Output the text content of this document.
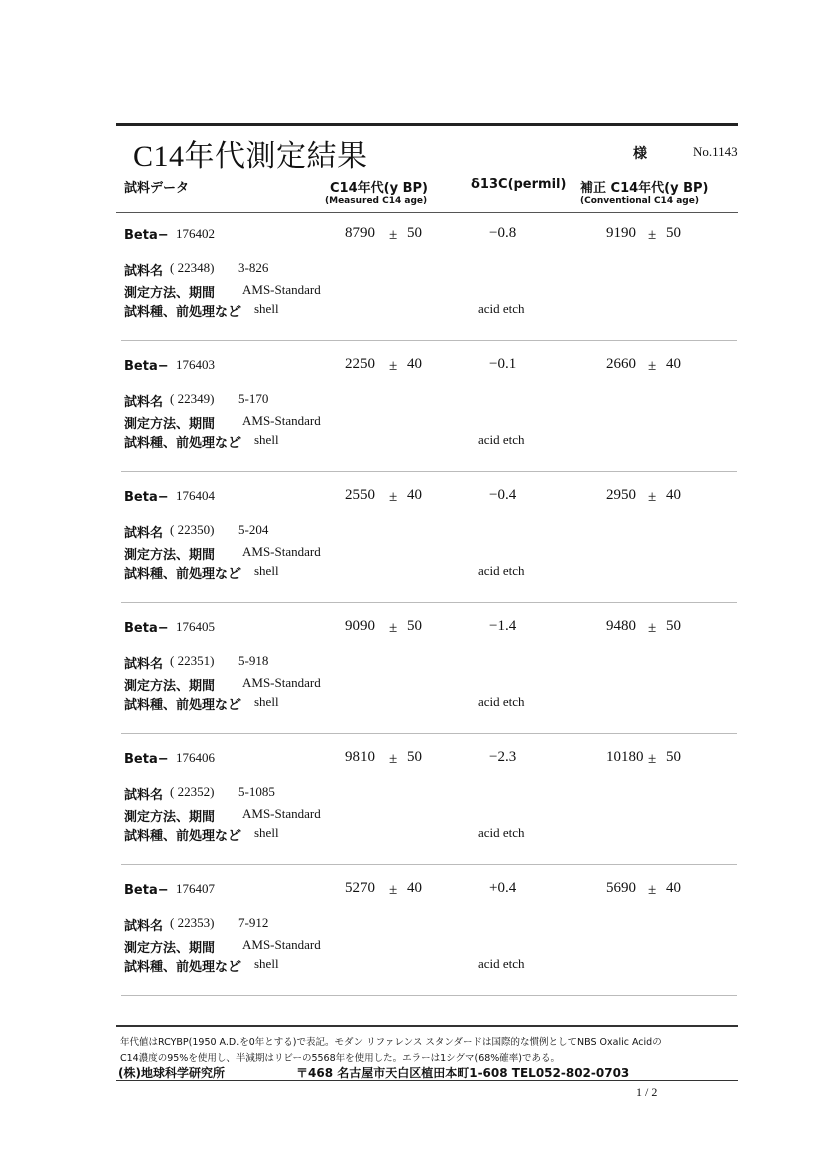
C14年代測定結果	様	No.1143
試料データ	C14年代(y BP)
(Measured C14 age)
δ13C(permil) 補正 C14年代(y BP)
(Conventional C14 age)
Beta− 176402	8790 ± 50	−0.8	9190 ± 50
試料名 ( 22348) 3-826
測定方法、期間 AMS-Standard
試料種、前処理など shell	acid etch
Beta− 176403	2250 ± 40	−0.1	2660 ± 40
試料名 ( 22349) 5-170
測定方法、期間 AMS-Standard
試料種、前処理など shell	acid etch
Beta− 176404	2550 ± 40	−0.4	2950 ± 40
試料名 ( 22350) 5-204
測定方法、期間 AMS-Standard
試料種、前処理など shell	acid etch
Beta− 176405	9090 ± 50	−1.4	9480 ± 50
試料名 ( 22351) 5-918
測定方法、期間 AMS-Standard
試料種、前処理など shell	acid etch
Beta− 176406	9810 ± 50	−2.3	10180 ± 50
試料名 ( 22352) 5-1085
測定方法、期間 AMS-Standard
試料種、前処理など shell	acid etch
Beta− 176407	5270 ± 40	+0.4	5690 ± 40
試料名 ( 22353) 7-912
測定方法、期間 AMS-Standard
試料種、前処理など shell	acid etch
年代値はRCYBP(1950 A.D.を0年とする)で表記。モダン リファレンス スタンダードは国際的な慣例としてNBS Oxalic Acidの
C14濃度の95%を使用し、半減期はリビーの5568年を使用した。エラーは1シグマ(68%確率)である。
(株)地球科学研究所	〒468 名古屋市天白区植田本町1-608 TEL052-802-0703
1 / 2
